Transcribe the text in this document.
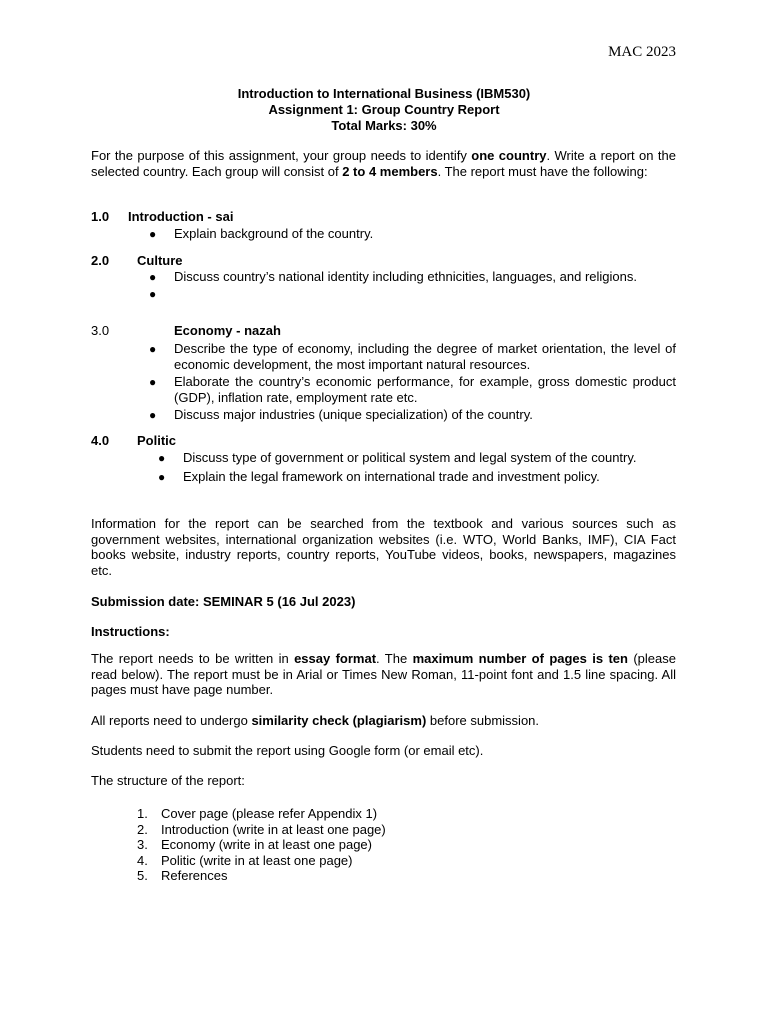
MAC 2023
Introduction to International Business (IBM530)
Assignment 1: Group Country Report
Total Marks: 30%
For the purpose of this assignment, your group needs to identify one country. Write a report on the selected country. Each group will consist of 2 to 4 members. The report must have the following:
1.0 Introduction - sai
● Explain background of the country.
2.0 Culture
● Discuss country’s national identity including ethnicities, languages, and religions.
●
3.0	Economy - nazah
● Describe the type of economy, including the degree of market orientation, the level of economic development, the most important natural resources.
● Elaborate the country’s economic performance, for example, gross domestic product (GDP), inflation rate, employment rate etc.
● Discuss major industries (unique specialization) of the country.
4.0 Politic
● Discuss type of government or political system and legal system of the country.
● Explain the legal framework on international trade and investment policy.
Information for the report can be searched from the textbook and various sources such as government websites, international organization websites (i.e. WTO, World Banks, IMF), CIA Fact books website, industry reports, country reports, YouTube videos, books, newspapers, magazines etc.
Submission date: SEMINAR 5 (16 Jul 2023)
Instructions:
The report needs to be written in essay format. The maximum number of pages is ten (please read below). The report must be in Arial or Times New Roman, 11-point font and 1.5 line spacing. All pages must have page number.
All reports need to undergo similarity check (plagiarism) before submission.
Students need to submit the report using Google form (or email etc).
The structure of the report:
1. Cover page (please refer Appendix 1)
2. Introduction (write in at least one page)
3. Economy (write in at least one page)
4. Politic (write in at least one page)
5. References
